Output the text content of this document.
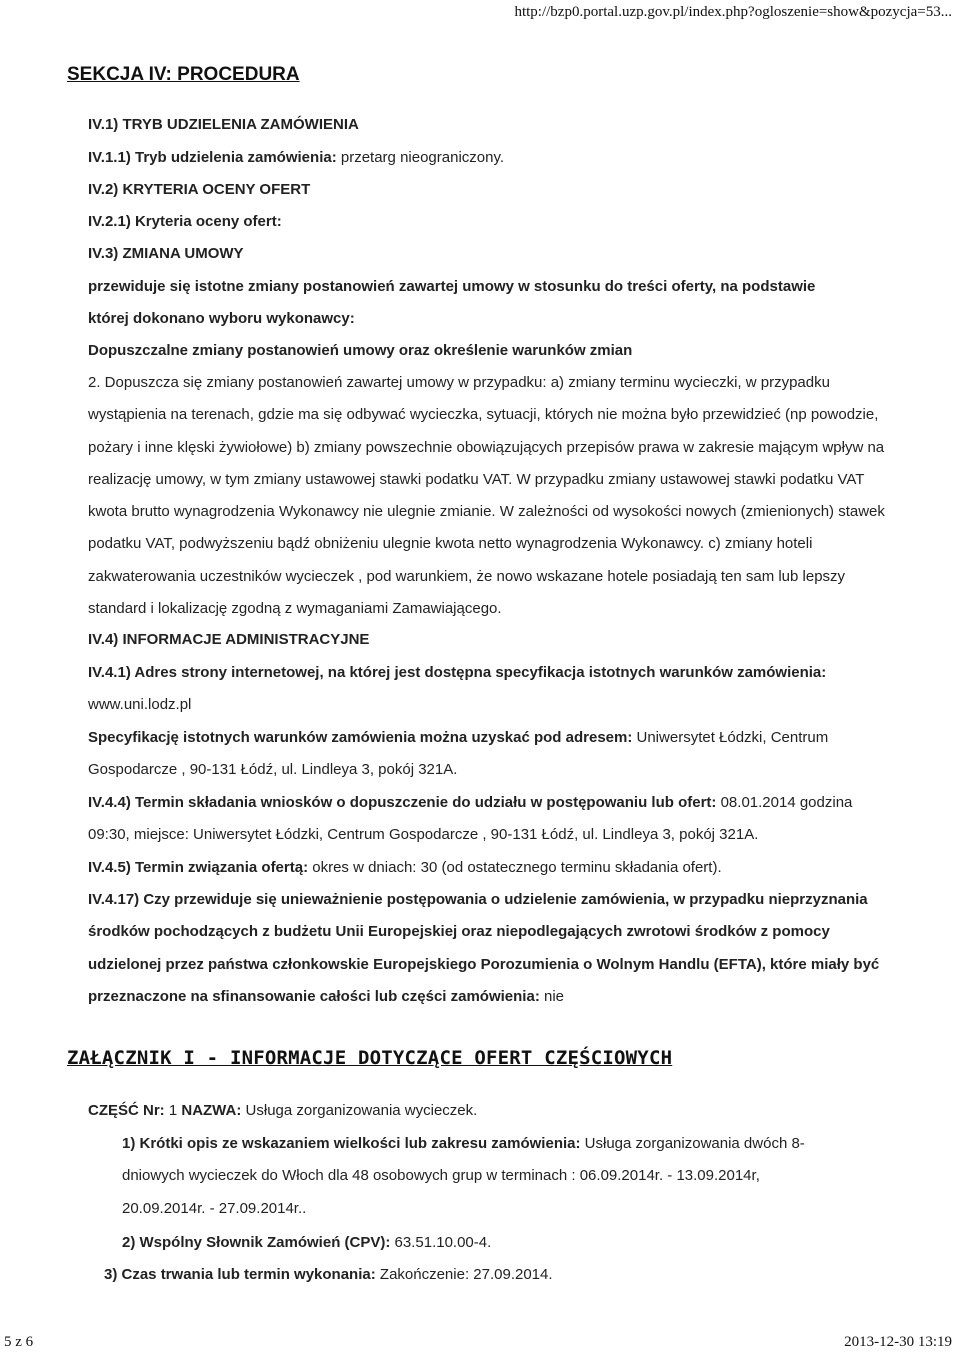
http://bzp0.portal.uzp.gov.pl/index.php?ogloszenie=show&pozycja=53...
SEKCJA IV: PROCEDURA
IV.1) TRYB UDZIELENIA ZAMÓWIENIA
IV.1.1) Tryb udzielenia zamówienia: przetarg nieograniczony.
IV.2) KRYTERIA OCENY OFERT
IV.2.1) Kryteria oceny ofert:
IV.3) ZMIANA UMOWY
przewiduje się istotne zmiany postanowień zawartej umowy w stosunku do treści oferty, na podstawie
której dokonano wyboru wykonawcy:
Dopuszczalne zmiany postanowień umowy oraz określenie warunków zmian
2. Dopuszcza się zmiany postanowień zawartej umowy w przypadku: a) zmiany terminu wycieczki, w przypadku wystąpienia na terenach, gdzie ma się odbywać wycieczka, sytuacji, których nie można było przewidzieć (np powodzie, pożary i inne klęski żywiołowe) b) zmiany powszechnie obowiązujących przepisów prawa w zakresie mającym wpływ na realizację umowy, w tym zmiany ustawowej stawki podatku VAT. W przypadku zmiany ustawowej stawki podatku VAT kwota brutto wynagrodzenia Wykonawcy nie ulegnie zmianie. W zależności od wysokości nowych (zmienionych) stawek podatku VAT, podwyższeniu bądź obniżeniu ulegnie kwota netto wynagrodzenia Wykonawcy. c) zmiany hoteli zakwaterowania uczestników wycieczek , pod warunkiem, że nowo wskazane hotele posiadają ten sam lub lepszy standard i lokalizację zgodną z wymaganiami Zamawiającego.
IV.4) INFORMACJE ADMINISTRACYJNE
IV.4.1) Adres strony internetowej, na której jest dostępna specyfikacja istotnych warunków zamówienia:
www.uni.lodz.pl
Specyfikację istotnych warunków zamówienia można uzyskać pod adresem: Uniwersytet Łódzki, Centrum Gospodarcze , 90-131 Łódź, ul. Lindleya 3, pokój 321A.
IV.4.4) Termin składania wniosków o dopuszczenie do udziału w postępowaniu lub ofert: 08.01.2014 godzina 09:30, miejsce: Uniwersytet Łódzki, Centrum Gospodarcze , 90-131 Łódź, ul. Lindleya 3, pokój 321A.
IV.4.5) Termin związania ofertą: okres w dniach: 30 (od ostatecznego terminu składania ofert).
IV.4.17) Czy przewiduje się unieważnienie postępowania o udzielenie zamówienia, w przypadku nieprzyznania środków pochodzących z budżetu Unii Europejskiej oraz niepodlegających zwrotowi środków z pomocy udzielonej przez państwa członkowskie Europejskiego Porozumienia o Wolnym Handlu (EFTA), które miały być przeznaczone na sfinansowanie całości lub części zamówienia: nie
ZAŁĄCZNIK I - INFORMACJE DOTYCZĄCE OFERT CZĘŚCIOWYCH
CZĘŚĆ Nr: 1 NAZWA: Usługa zorganizowania wycieczek.
1) Krótki opis ze wskazaniem wielkości lub zakresu zamówienia: Usługa zorganizowania dwóch 8-dniowych wycieczek do Włoch dla 48 osobowych grup w terminach : 06.09.2014r. - 13.09.2014r, 20.09.2014r. - 27.09.2014r..
2) Wspólny Słownik Zamówień (CPV): 63.51.10.00-4.
3) Czas trwania lub termin wykonania: Zakończenie: 27.09.2014.
5 z 6	2013-12-30 13:19
